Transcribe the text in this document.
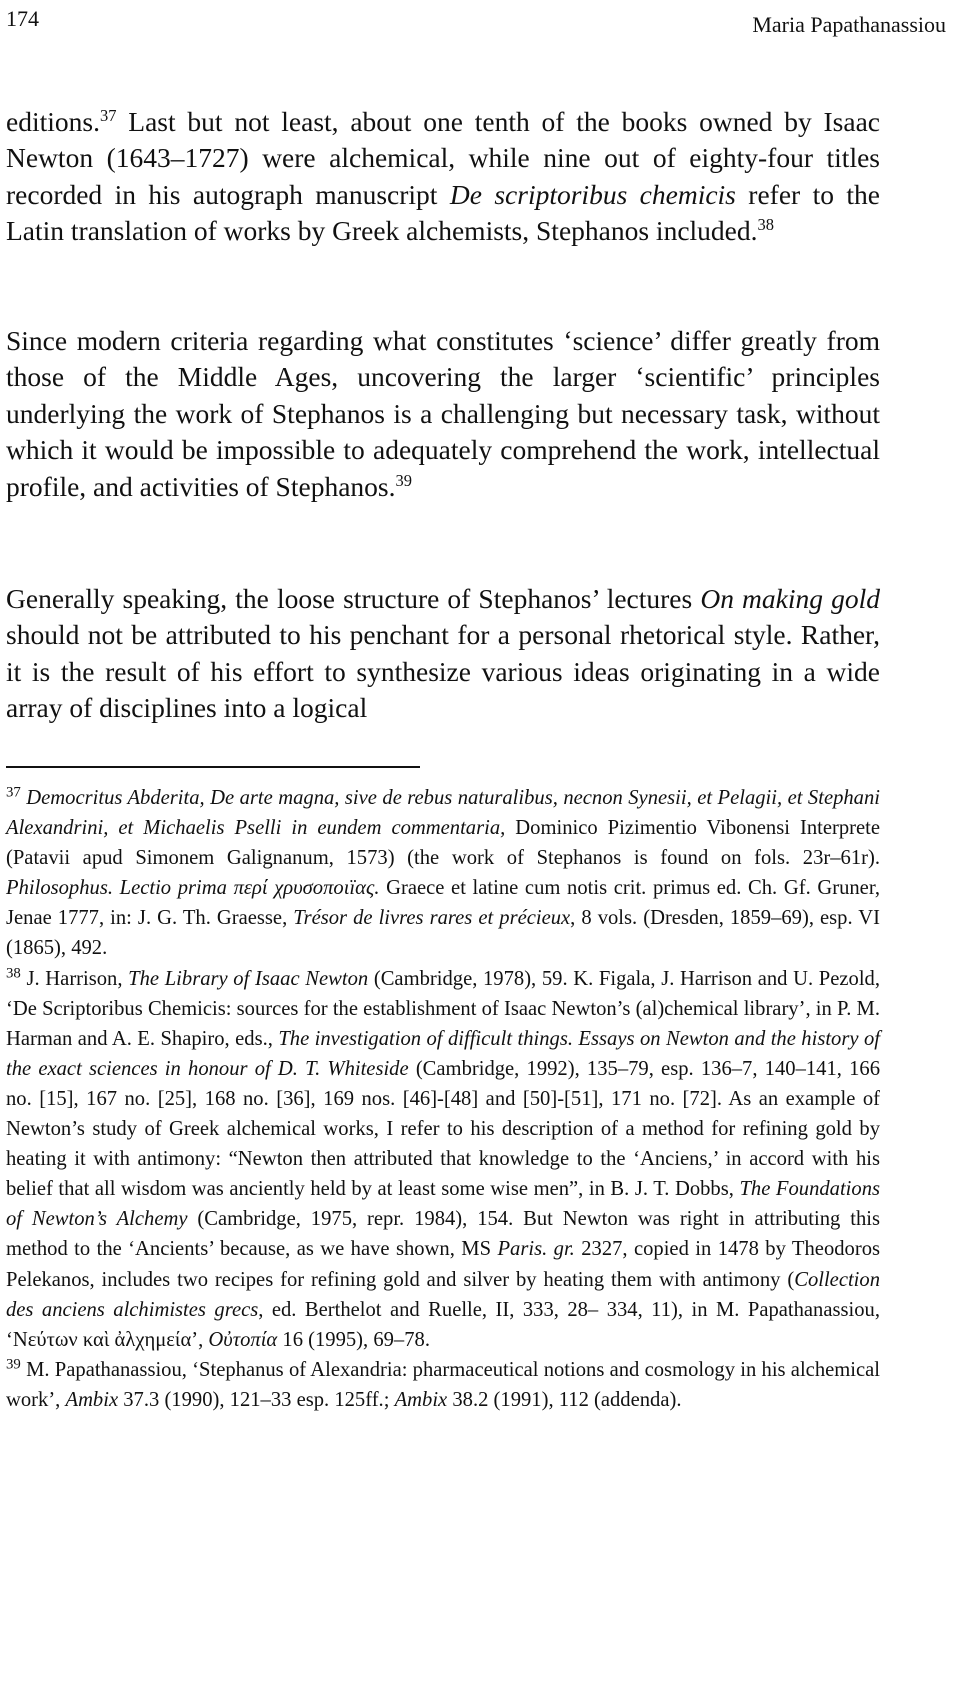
174	Maria Papathanassiou

editions.$^{37}$ Last but not least, about one tenth of the books owned by Isaac Newton (1643–1727) were alchemical, while nine out of eighty-four titles recorded in his autograph manuscript De scriptoribus chemicis refer to the Latin translation of works by Greek alchemists, Stephanos included.$^{38}$

Since modern criteria regarding what constitutes ‘science’ differ greatly from those of the Middle Ages, uncovering the larger ‘scientific’ principles underlying the work of Stephanos is a challenging but necessary task, without which it would be impossible to adequately comprehend the work, intellectual profile, and activities of Stephanos.$^{39}$

Generally speaking, the loose structure of Stephanos’ lectures On making gold should not be attributed to his penchant for a personal rhetorical style. Rather, it is the result of his effort to synthesize various ideas originating in a wide array of disciplines into a logical

$^{37}$ Democritus Abderita, De arte magna, sive de rebus naturalibus, necnon Synesii, et Pelagii, et Stephani Alexandrini, et Michaelis Pselli in eundem commentaria, Dominico Pizimentio Vibonensi Interprete (Patavii apud Simonem Galignanum, 1573) (the work of Stephanos is found on fols. 23r–61r). Philosophus. Lectio prima περί χρυσοποιïας. Graece et latine cum notis crit. primus ed. Ch. Gf. Gruner, Jenae 1777, in: J. G. Th. Graesse, Trésor de livres rares et précieux, 8 vols. (Dresden, 1859–69), esp. VI (1865), 492.

$^{38}$ J. Harrison, The Library of Isaac Newton (Cambridge, 1978), 59. K. Figala, J. Harrison and U. Pezold, ‘De Scriptoribus Chemicis: sources for the establishment of Isaac Newton’s (al)chemical library’, in P. M. Harman and A. E. Shapiro, eds., The investigation of difficult things. Essays on Newton and the history of the exact sciences in honour of D. T. Whiteside (Cambridge, 1992), 135–79, esp. 136–7, 140–141, 166 no. [15], 167 no. [25], 168 no. [36], 169 nos. [46]-[48] and [50]-[51], 171 no. [72]. As an example of Newton’s study of Greek alchemical works, I refer to his description of a method for refining gold by heating it with antimony: “Newton then attributed that knowledge to the ‘Anciens,’ in accord with his belief that all wisdom was anciently held by at least some wise men”, in B. J. T. Dobbs, The Foundations of Newton’s Alchemy (Cambridge, 1975, repr. 1984), 154. But Newton was right in attributing this method to the ‘Ancients’ because, as we have shown, MS Paris. gr. 2327, copied in 1478 by Theodoros Pelekanos, includes two recipes for refining gold and silver by heating them with antimony (Collection des anciens alchimistes grecs, ed. Berthelot and Ruelle, II, 333, 28– 334, 11), in M. Papathanassiou, ‘Νεύτων καὶ ἀλχημεία’, Οὐτοπία 16 (1995), 69–78.

$^{39}$ M. Papathanassiou, ‘Stephanus of Alexandria: pharmaceutical notions and cosmology in his alchemical work’, Ambix 37.3 (1990), 121–33 esp. 125ff.; Ambix 38.2 (1991), 112 (addenda).
